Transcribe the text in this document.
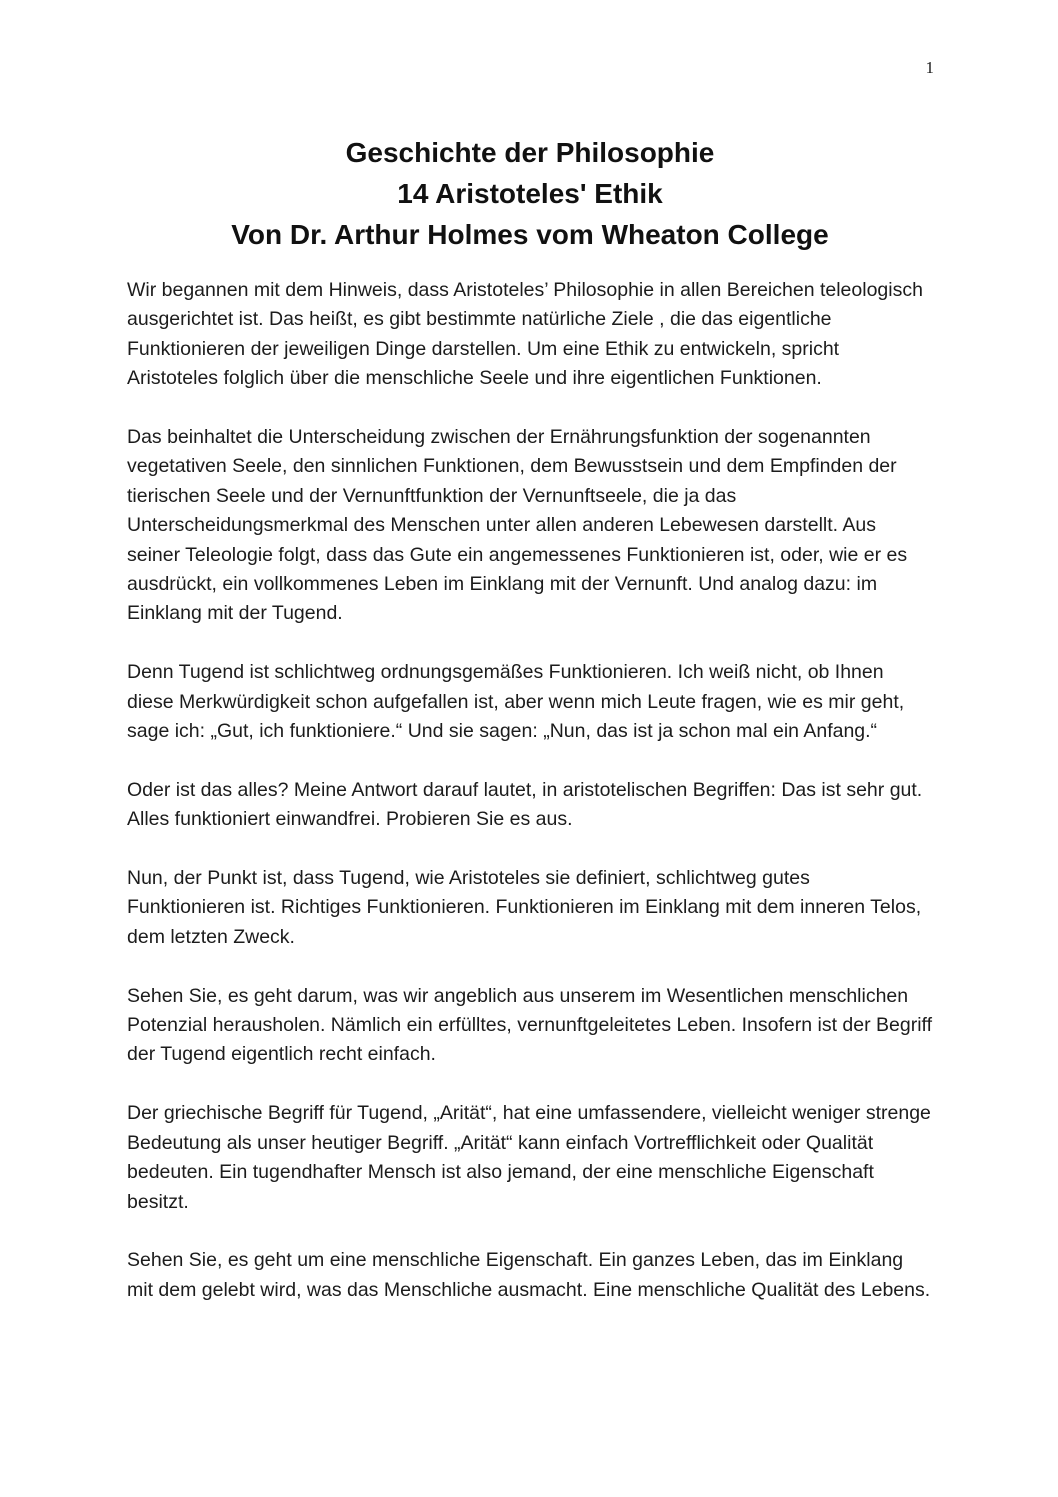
1
Geschichte der Philosophie
14 Aristoteles' Ethik
Von Dr. Arthur Holmes vom Wheaton College

Wir begannen mit dem Hinweis, dass Aristoteles’ Philosophie in allen Bereichen teleologisch ausgerichtet ist. Das heißt, es gibt bestimmte natürliche Ziele , die das eigentliche Funktionieren der jeweiligen Dinge darstellen. Um eine Ethik zu entwickeln, spricht Aristoteles folglich über die menschliche Seele und ihre eigentlichen Funktionen.

Das beinhaltet die Unterscheidung zwischen der Ernährungsfunktion der sogenannten vegetativen Seele, den sinnlichen Funktionen, dem Bewusstsein und dem Empfinden der tierischen Seele und der Vernunftfunktion der Vernunftseele, die ja das Unterscheidungsmerkmal des Menschen unter allen anderen Lebewesen darstellt. Aus seiner Teleologie folgt, dass das Gute ein angemessenes Funktionieren ist, oder, wie er es ausdrückt, ein vollkommenes Leben im Einklang mit der Vernunft. Und analog dazu: im Einklang mit der Tugend.

Denn Tugend ist schlichtweg ordnungsgemäßes Funktionieren. Ich weiß nicht, ob Ihnen diese Merkwürdigkeit schon aufgefallen ist, aber wenn mich Leute fragen, wie es mir geht, sage ich: „Gut, ich funktioniere.“ Und sie sagen: „Nun, das ist ja schon mal ein Anfang.“

Oder ist das alles? Meine Antwort darauf lautet, in aristotelischen Begriffen: Das ist sehr gut. Alles funktioniert einwandfrei. Probieren Sie es aus.

Nun, der Punkt ist, dass Tugend, wie Aristoteles sie definiert, schlichtweg gutes Funktionieren ist. Richtiges Funktionieren. Funktionieren im Einklang mit dem inneren Telos, dem letzten Zweck.

Sehen Sie, es geht darum, was wir angeblich aus unserem im Wesentlichen menschlichen Potenzial herausholen. Nämlich ein erfülltes, vernunftgeleitetes Leben. Insofern ist der Begriff der Tugend eigentlich recht einfach.

Der griechische Begriff für Tugend, „Arität“, hat eine umfassendere, vielleicht weniger strenge Bedeutung als unser heutiger Begriff. „Arität“ kann einfach Vortrefflichkeit oder Qualität bedeuten. Ein tugendhafter Mensch ist also jemand, der eine menschliche Eigenschaft besitzt.

Sehen Sie, es geht um eine menschliche Eigenschaft. Ein ganzes Leben, das im Einklang mit dem gelebt wird, was das Menschliche ausmacht. Eine menschliche Qualität des Lebens.
